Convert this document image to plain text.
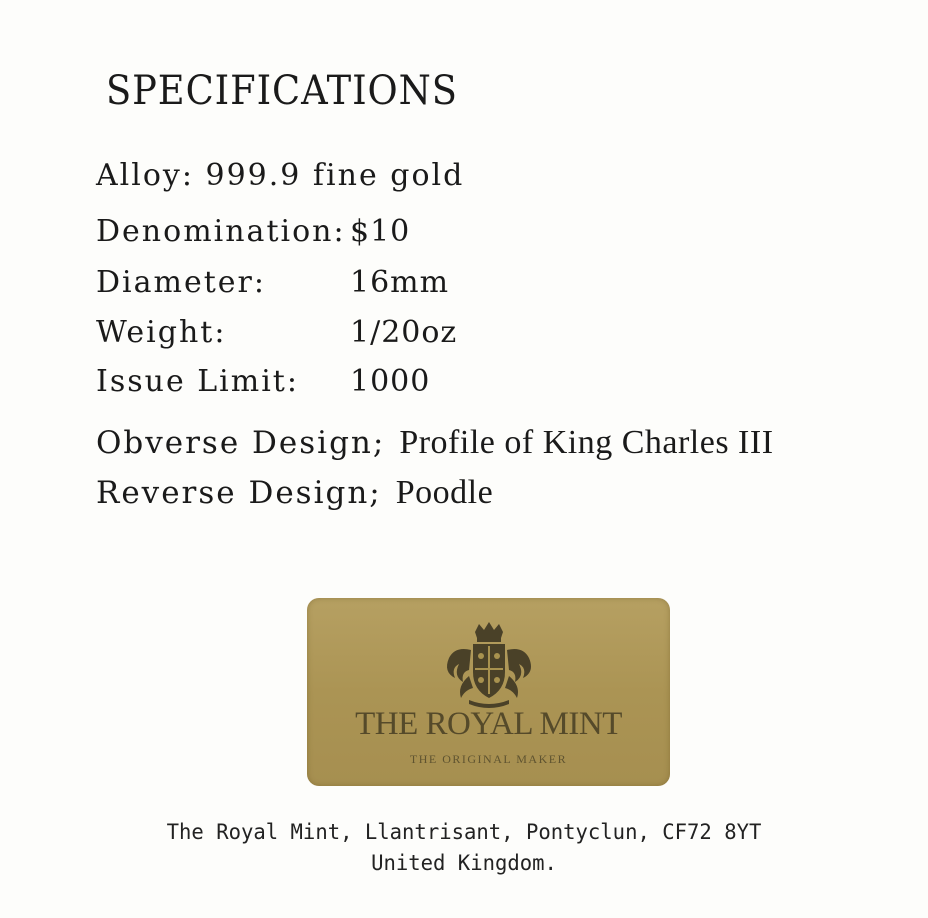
SPECIFICATIONS
Alloy: 999.9 fine gold
Denomination: $10
Diameter:	16mm
Weight:	1/20oz
Issue Limit: 1000
Obverse Design; Profile of King Charles III
Reverse Design; Poodle
THE ROYAL MINT
THE ORIGINAL MAKER
The Royal Mint, Llantrisant, Pontyclun, CF72 8YT
United Kingdom.
